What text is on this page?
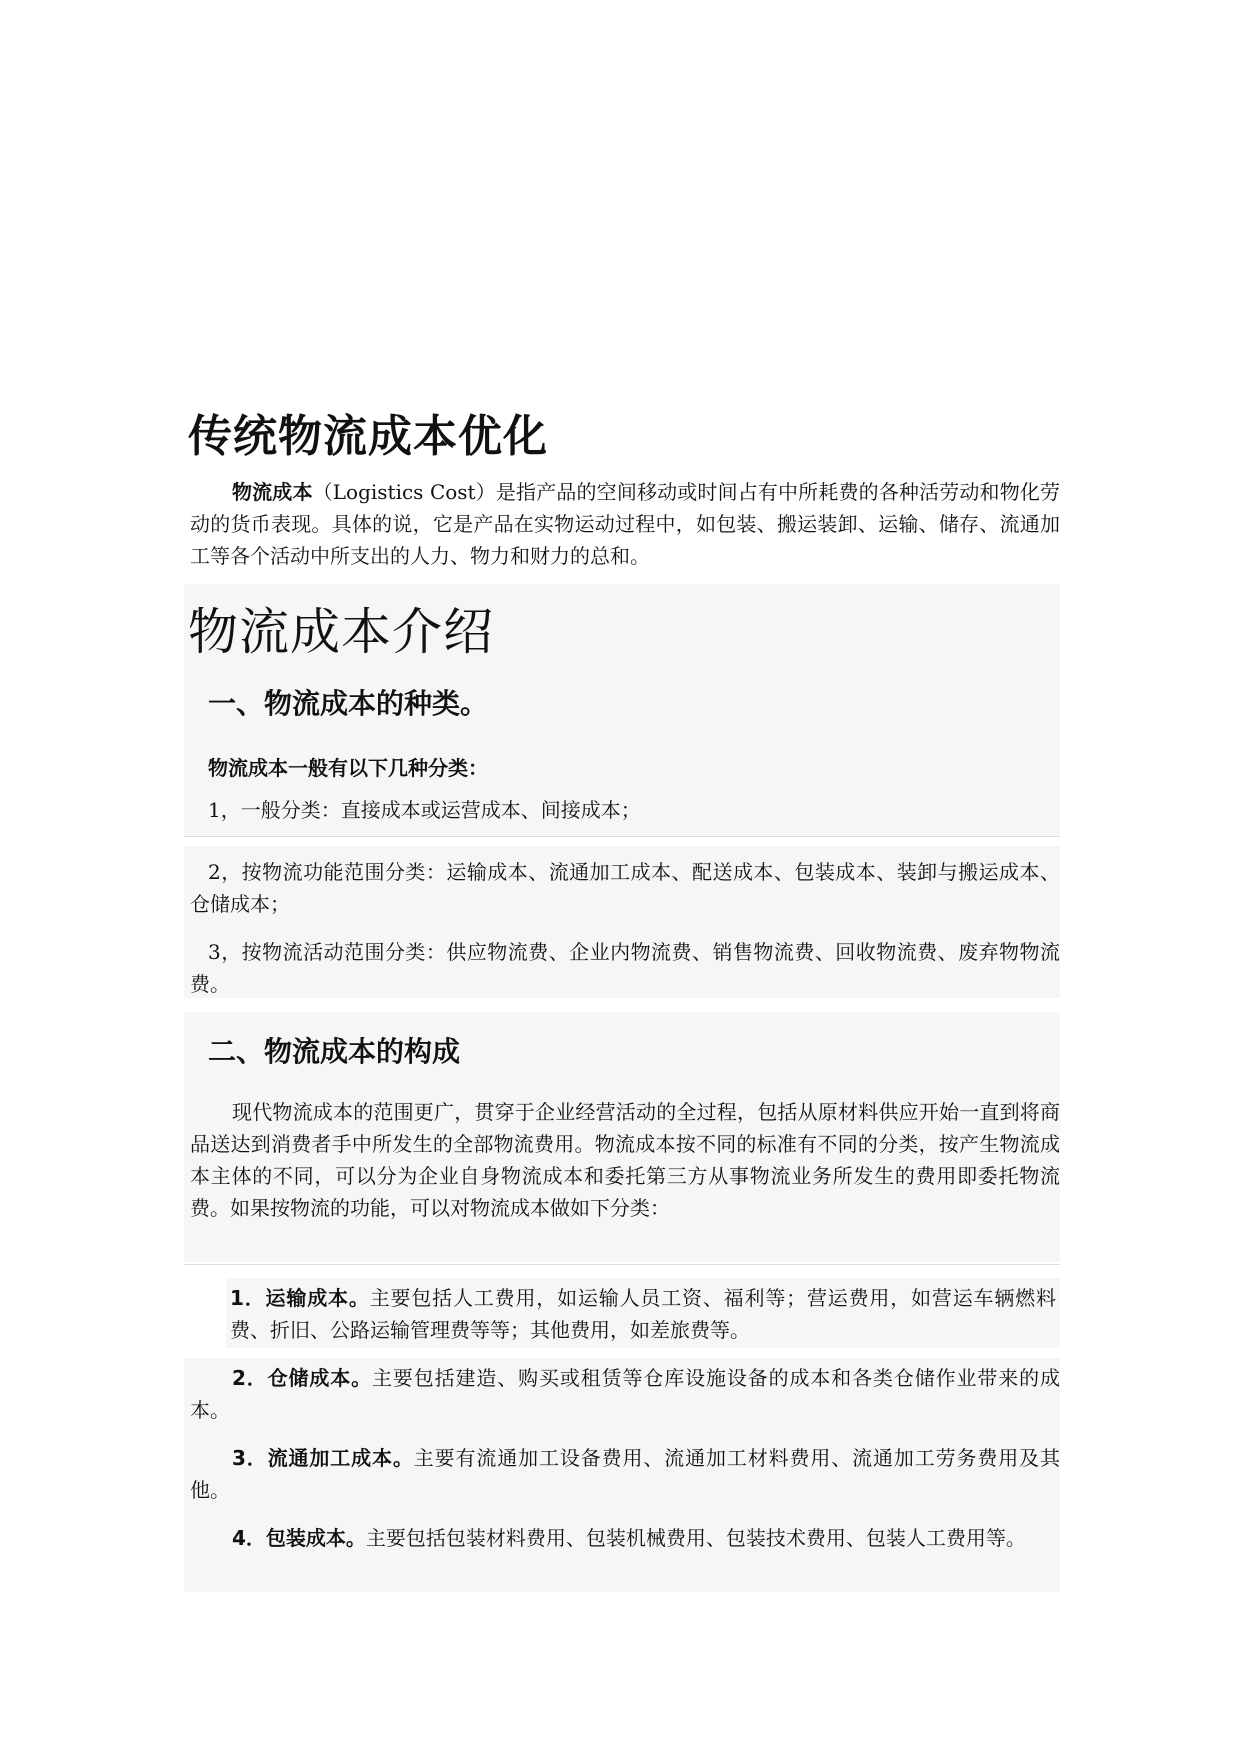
传统物流成本优化
物流成本（Logistics Cost）是指产品的空间移动或时间占有中所耗费的各种活劳动和物化劳动的货币表现。具体的说，它是产品在实物运动过程中，如包装、搬运装卸、运输、储存、流通加工等各个活动中所支出的人力、物力和财力的总和。
物流成本介绍
一、物流成本的种类。
物流成本一般有以下几种分类：
1，一般分类：直接成本或运营成本、间接成本；
2，按物流功能范围分类：运输成本、流通加工成本、配送成本、包装成本、装卸与搬运成本、仓储成本；
3，按物流活动范围分类：供应物流费、企业内物流费、销售物流费、回收物流费、废弃物物流费。
二、物流成本的构成
现代物流成本的范围更广，贯穿于企业经营活动的全过程，包括从原材料供应开始一直到将商品送达到消费者手中所发生的全部物流费用。物流成本按不同的标准有不同的分类，按产生物流成本主体的不同，可以分为企业自身物流成本和委托第三方从事物流业务所发生的费用即委托物流费。如果按物流的功能，可以对物流成本做如下分类：
1．运输成本。主要包括人工费用，如运输人员工资、福利等；营运费用，如营运车辆燃料费、折旧、公路运输管理费等等；其他费用，如差旅费等。
2．仓储成本。主要包括建造、购买或租赁等仓库设施设备的成本和各类仓储作业带来的成本。
3．流通加工成本。主要有流通加工设备费用、流通加工材料费用、流通加工劳务费用及其他。
4．包装成本。主要包括包装材料费用、包装机械费用、包装技术费用、包装人工费用等。
